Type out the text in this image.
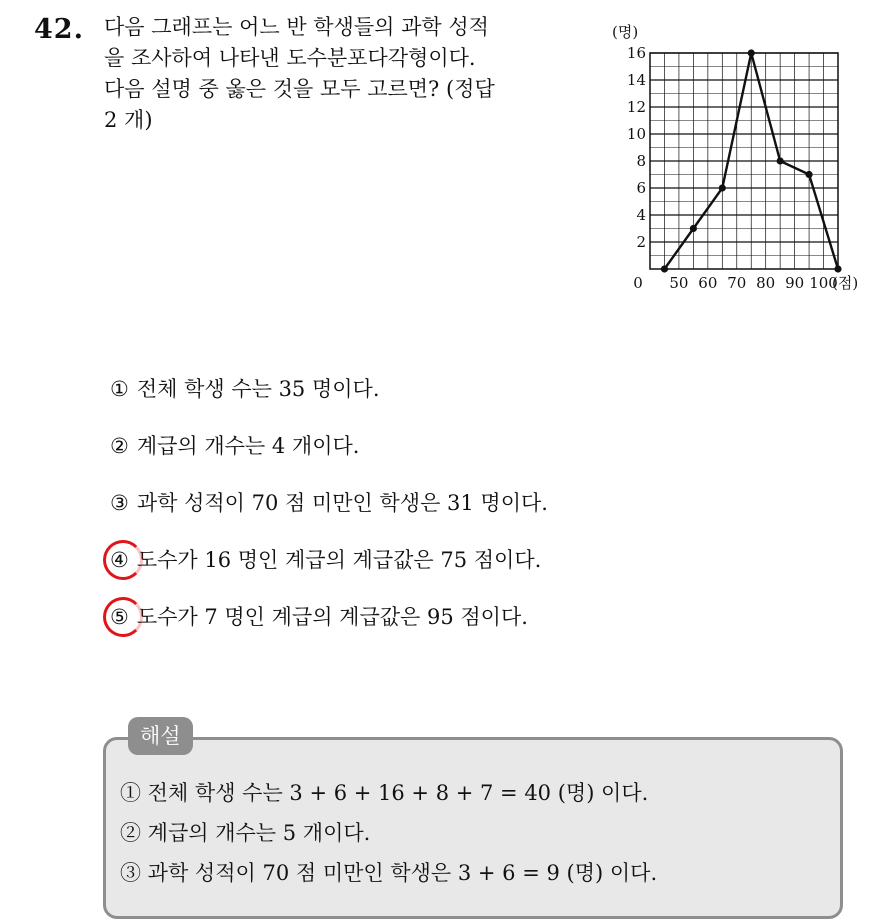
42. 다음 그래프는 어느 반 학생들의 과학 성적
을 조사하여 나타낸 도수분포다각형이다.
다음 설명 중 옳은 것을 모두 고르면? (정답
2 개)
2
4
6
8
10
12
14
16
0 50 60 70 80 90 100
(명)
(점)
① 전체 학생 수는 35 명이다.
② 계급의 개수는 4 개이다.
③ 과학 성적이 70 점 미만인 학생은 31 명이다.
④ 도수가 16 명인 계급의 계급값은 75 점이다.
⑤ 도수가 7 명인 계급의 계급값은 95 점이다.
해설
① 전체 학생 수는 3 + 6 + 16 + 8 + 7 = 40 (명) 이다.
② 계급의 개수는 5 개이다.
③ 과학 성적이 70 점 미만인 학생은 3 + 6 = 9 (명) 이다.
